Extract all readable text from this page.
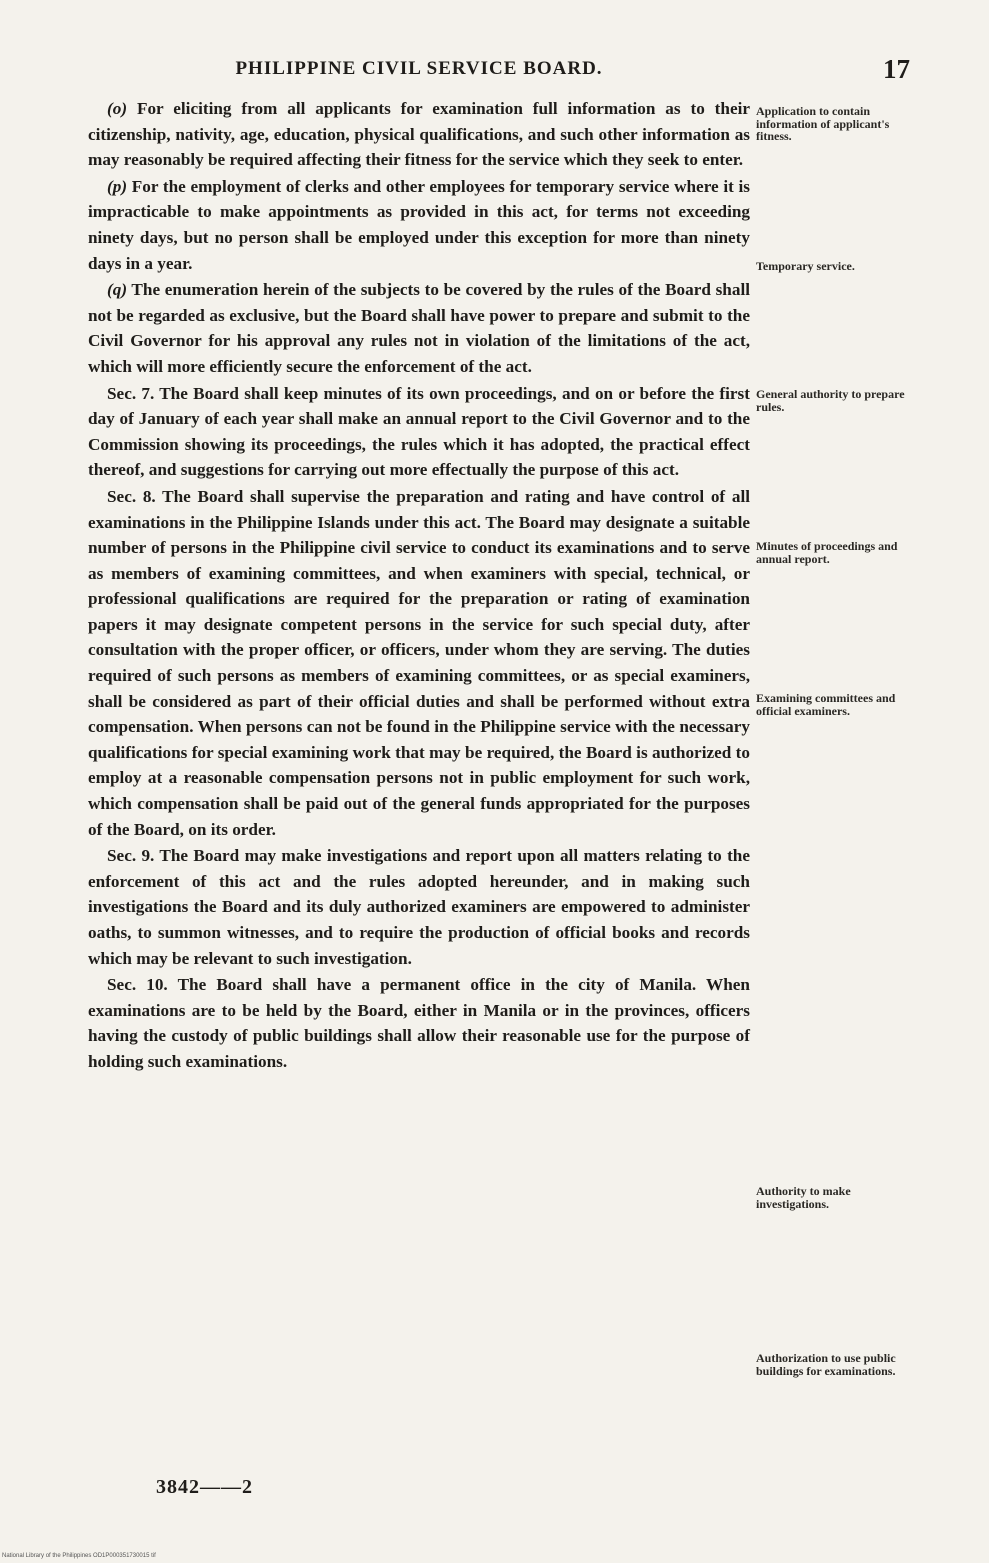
PHILIPPINE CIVIL SERVICE BOARD.	17

(o) For eliciting from all applicants for examination full information as to their citizenship, nativity, age, education, physical qualifications, and such other information as may reasonably be required affecting their fitness for the service which they seek to enter.

(p) For the employment of clerks and other employees for temporary service where it is impracticable to make appointments as provided in this act, for terms not exceeding ninety days, but no person shall be employed under this exception for more than ninety days in a year.

(q) The enumeration herein of the subjects to be covered by the rules of the Board shall not be regarded as exclusive, but the Board shall have power to prepare and submit to the Civil Governor for his approval any rules not in violation of the limitations of the act, which will more efficiently secure the enforcement of the act.

Sec. 7. The Board shall keep minutes of its own proceedings, and on or before the first day of January of each year shall make an annual report to the Civil Governor and to the Commission showing its proceedings, the rules which it has adopted, the practical effect thereof, and suggestions for carrying out more effectually the purpose of this act.

Sec. 8. The Board shall supervise the preparation and rating and have control of all examinations in the Philippine Islands under this act. The Board may designate a suitable number of persons in the Philippine civil service to conduct its examinations and to serve as members of examining committees, and when examiners with special, technical, or professional qualifications are required for the preparation or rating of examination papers it may designate competent persons in the service for such special duty, after consultation with the proper officer, or officers, under whom they are serving. The duties required of such persons as members of examining committees, or as special examiners, shall be considered as part of their official duties and shall be performed without extra compensation. When persons can not be found in the Philippine service with the necessary qualifications for special examining work that may be required, the Board is authorized to employ at a reasonable compensation persons not in public employment for such work, which compensation shall be paid out of the general funds appropriated for the purposes of the Board, on its order.

Sec. 9. The Board may make investigations and report upon all matters relating to the enforcement of this act and the rules adopted hereunder, and in making such investigations the Board and its duly authorized examiners are empowered to administer oaths, to summon witnesses, and to require the production of official books and records which may be relevant to such investigation.

Sec. 10. The Board shall have a permanent office in the city of Manila. When examinations are to be held by the Board, either in Manila or in the provinces, officers having the custody of public buildings shall allow their reasonable use for the purpose of holding such examinations.

Application to contain information of applicant's fitness.
Temporary service.
General authority to prepare rules.
Minutes of proceedings and annual report.
Examining committees and official examiners.
Authority to make investigations.
Authorization to use public buildings for examinations.
3842——2
National Library of the Philippines OD1P000351730015 tif
